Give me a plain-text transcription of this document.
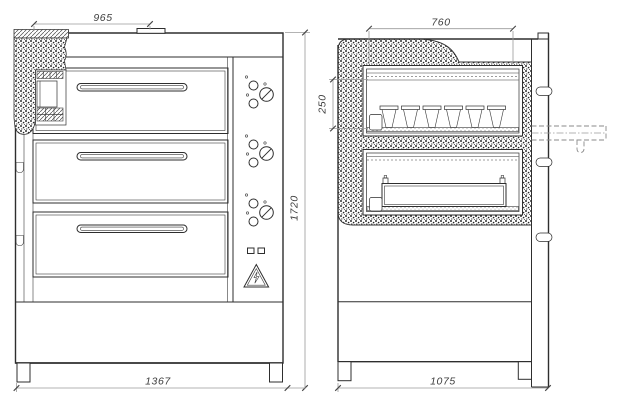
965
1720
1367
760
250
1075
